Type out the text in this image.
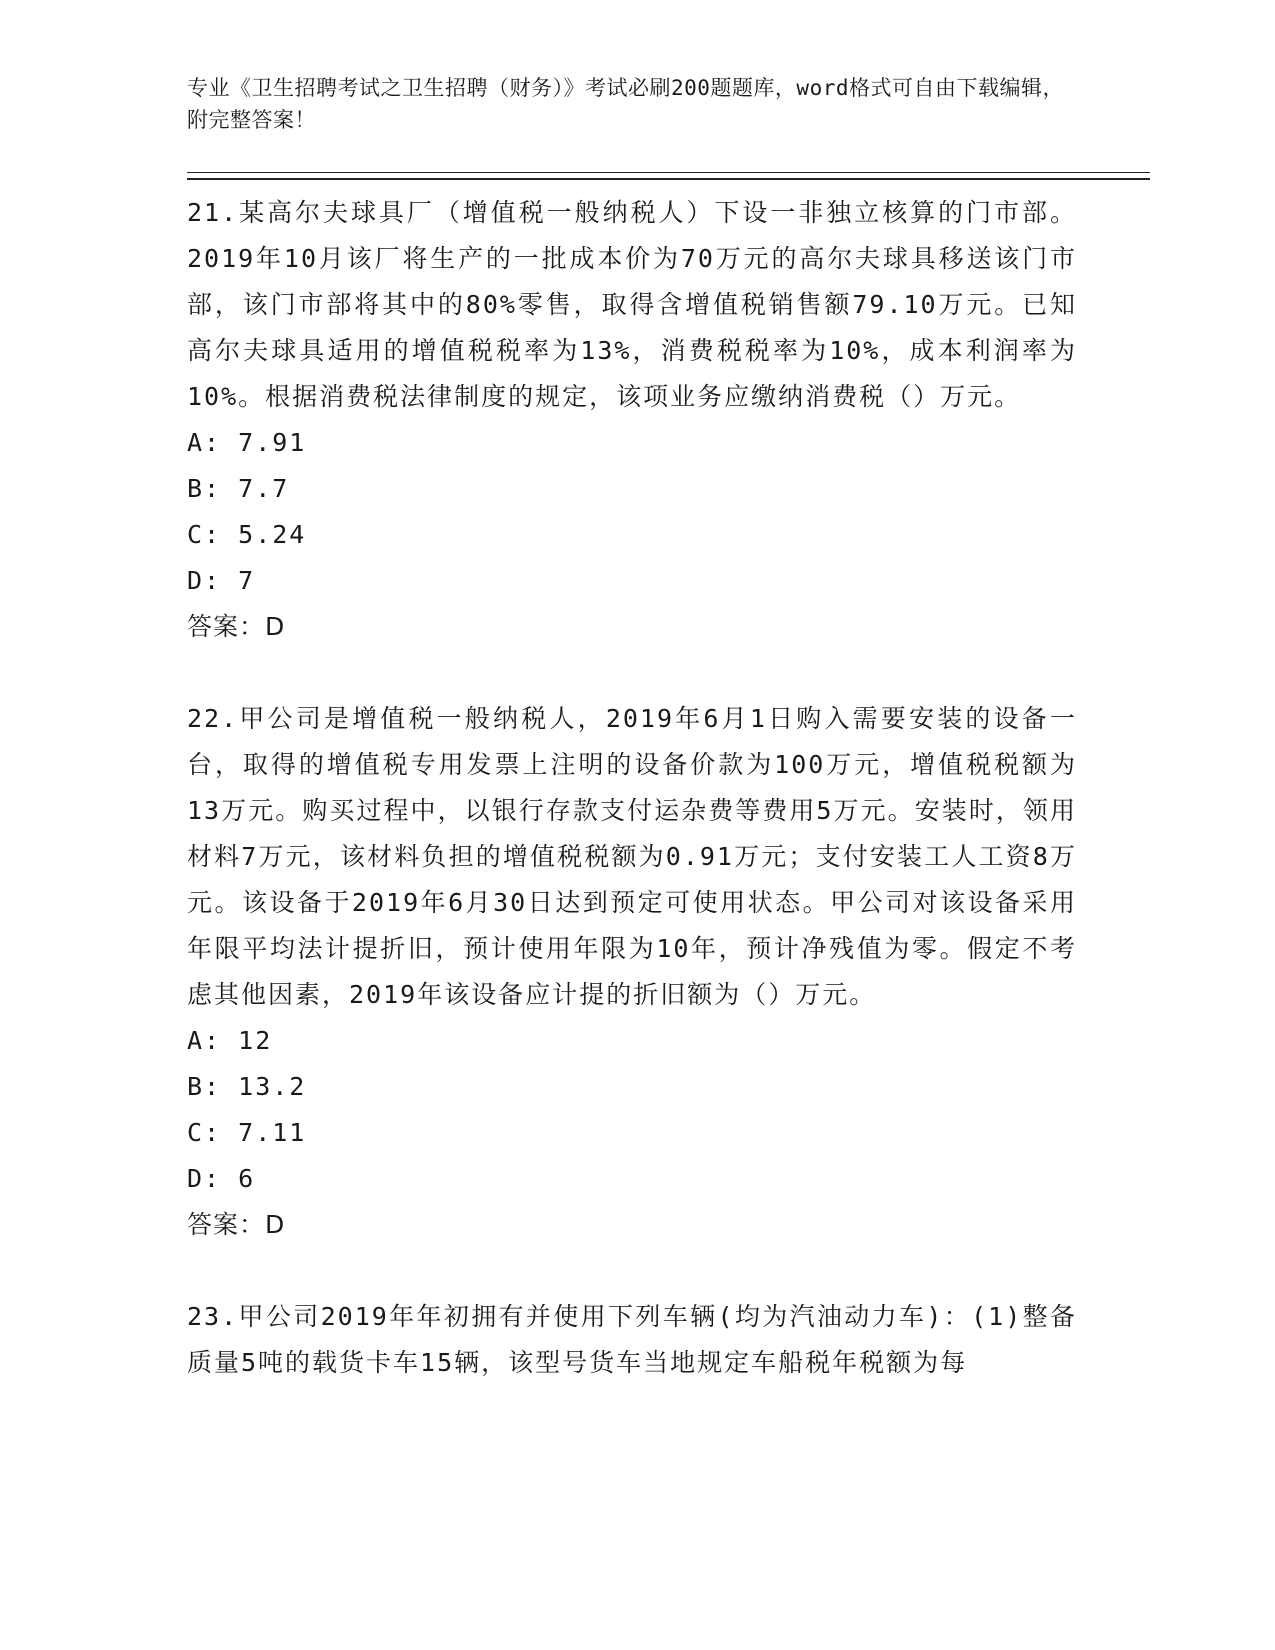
专业《卫生招聘考试之卫生招聘（财务）》考试必刷200题题库，word格式可自由下载编辑，附完整答案！

21.某高尔夫球具厂（增值税一般纳税人）下设一非独立核算的门市部。2019年10月该厂将生产的一批成本价为70万元的高尔夫球具移送该门市部，该门市部将其中的80%零售，取得含增值税销售额79.10万元。已知高尔夫球具适用的增值税税率为13%，消费税税率为10%，成本利润率为10%。根据消费税法律制度的规定，该项业务应缴纳消费税（）万元。

A: 7.91

B: 7.7

C: 5.24

D: 7

答案：D

22.甲公司是增值税一般纳税人，2019年6月1日购入需要安装的设备一台，取得的增值税专用发票上注明的设备价款为100万元，增值税税额为13万元。购买过程中，以银行存款支付运杂费等费用5万元。安装时，领用材料7万元，该材料负担的增值税税额为0.91万元；支付安装工人工资8万元。该设备于2019年6月30日达到预定可使用状态。甲公司对该设备采用年限平均法计提折旧，预计使用年限为10年，预计净残值为零。假定不考虑其他因素，2019年该设备应计提的折旧额为（）万元。

A: 12

B: 13.2

C: 7.11

D: 6

答案：D

23.甲公司2019年年初拥有并使用下列车辆(均为汽油动力车)：(1)整备质量5吨的载货卡车15辆，该型号货车当地规定车船税年税额为每
